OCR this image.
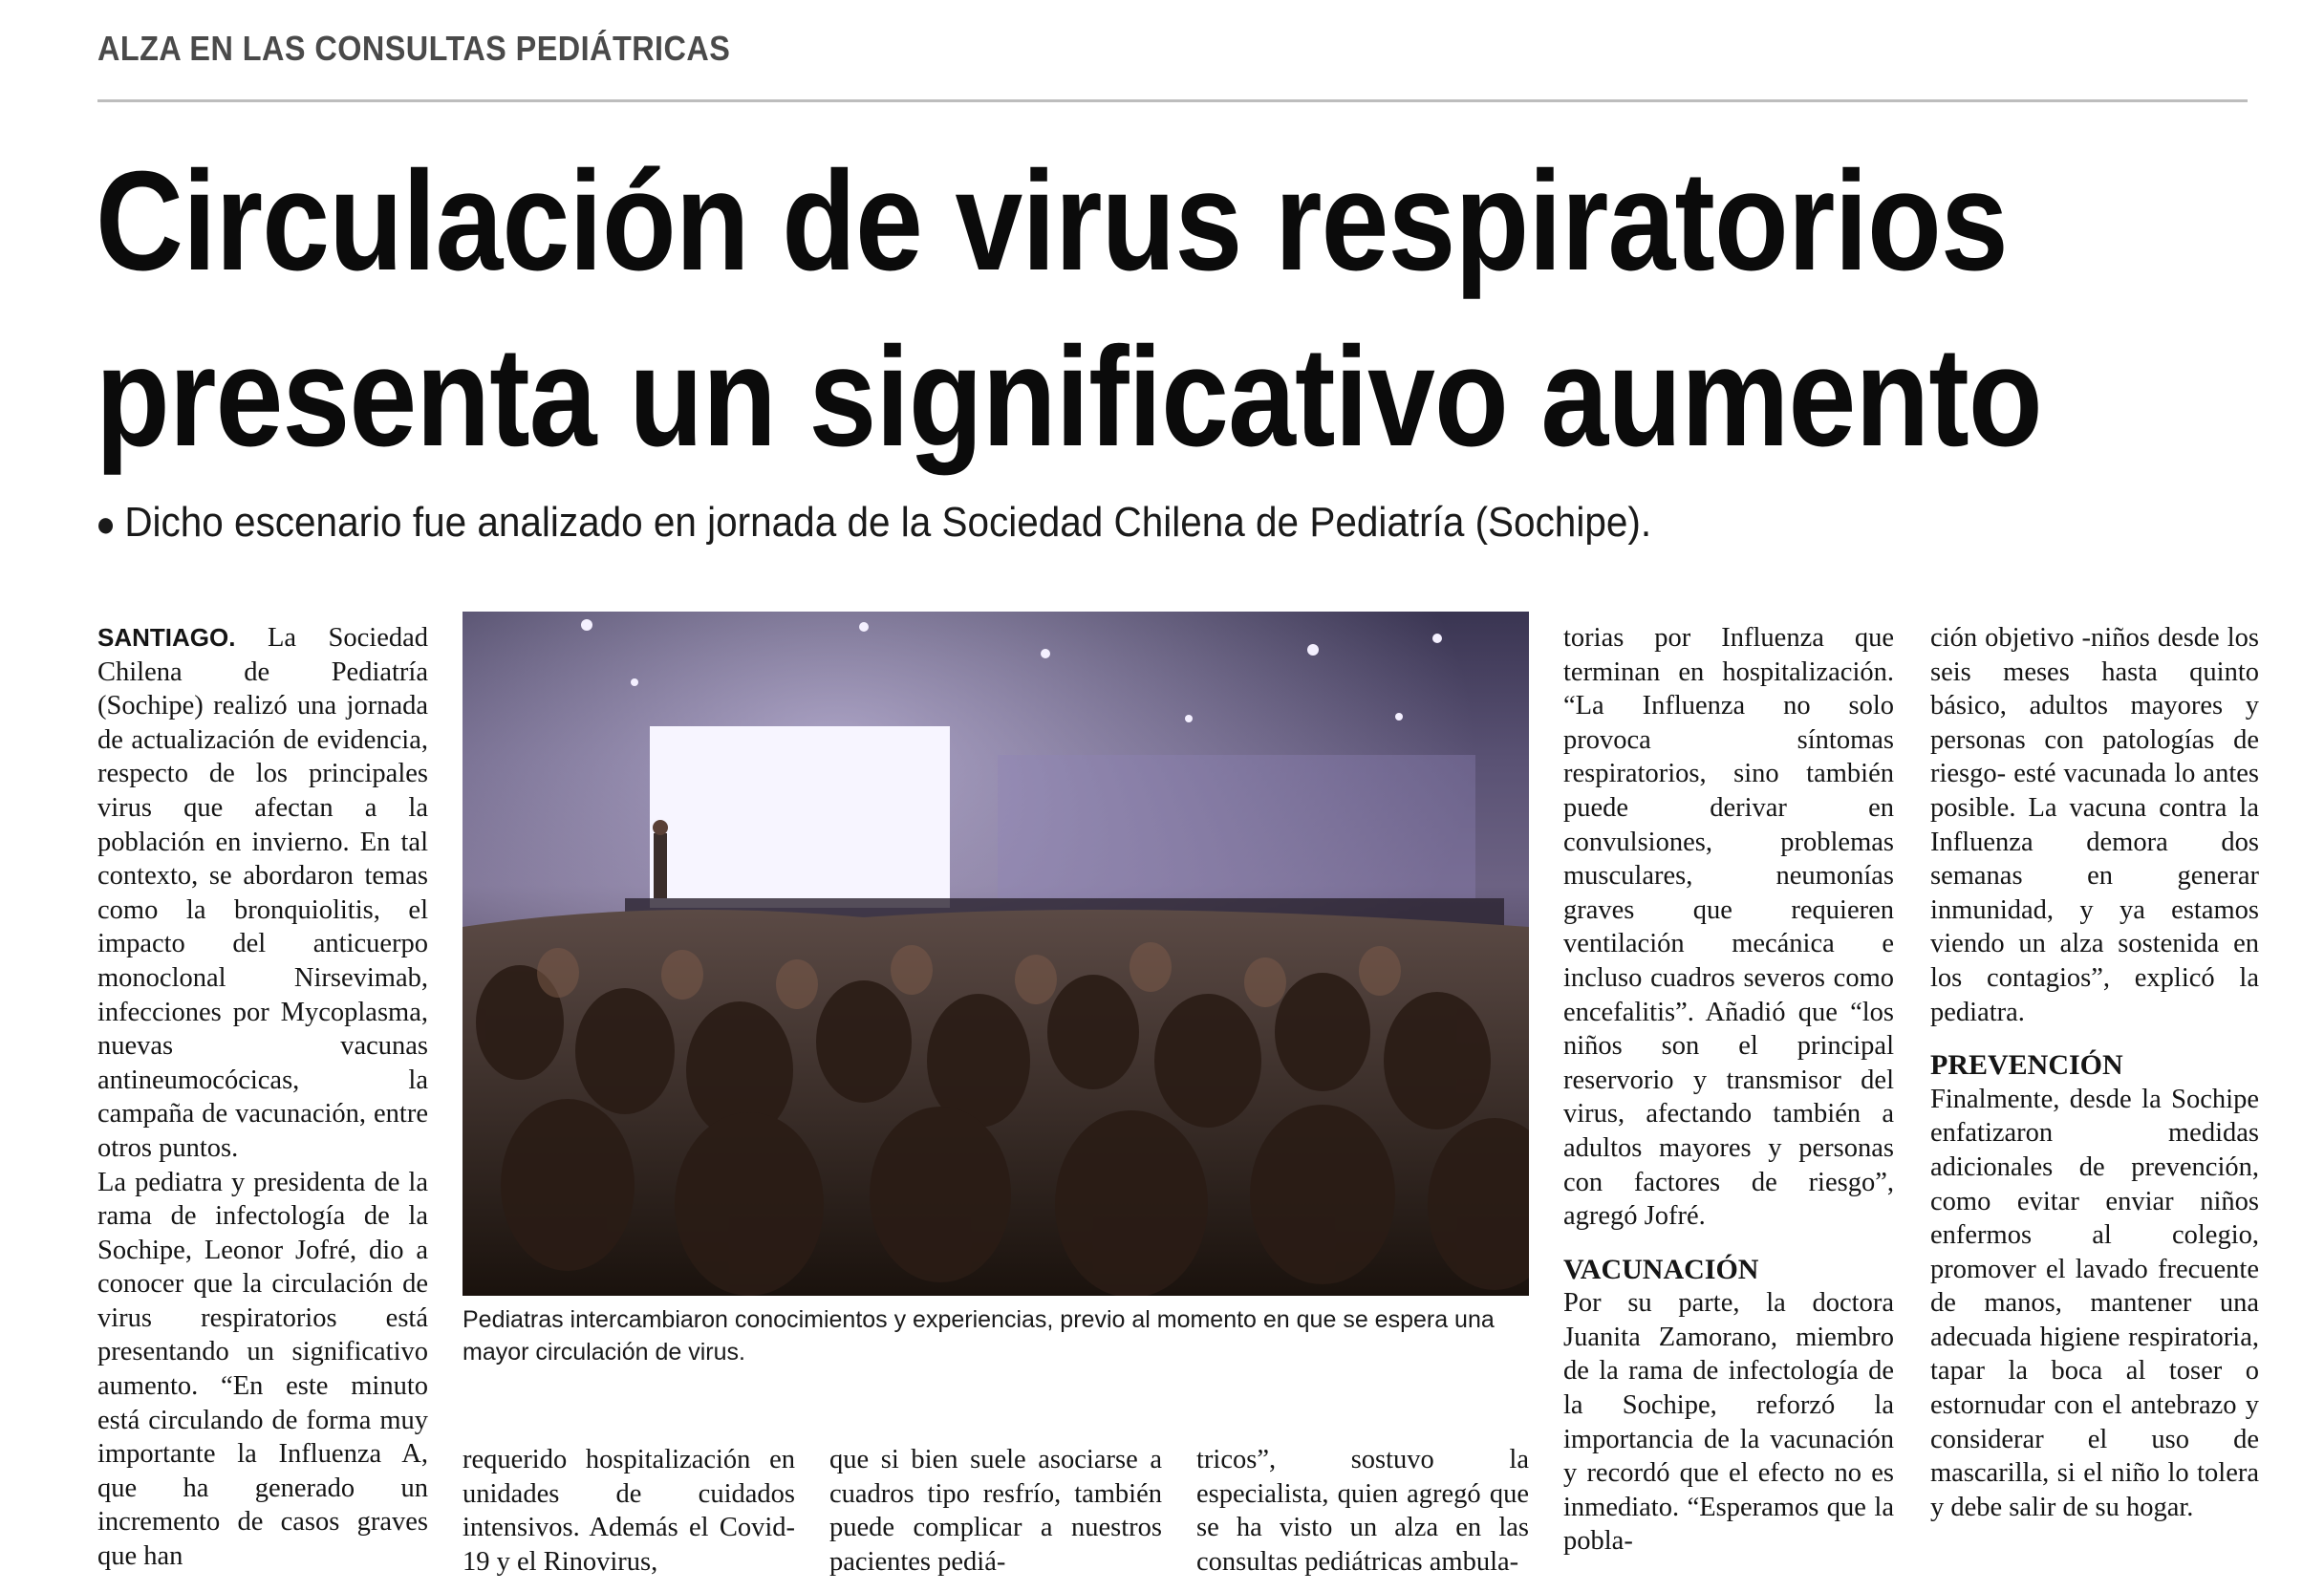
ALZA EN LAS CONSULTAS PEDIÁTRICAS
Circulación de virus respiratorios
presenta un significativo aumento

● Dicho escenario fue analizado en jornada de la Sociedad Chilena de Pediatría (Sochipe).

SANTIAGO. La Sociedad Chilena de Pediatría (Sochipe) realizó una jornada de actualización de evidencia, respecto de los principales virus que afectan a la población en invierno. En tal contexto, se abordaron temas como la bronquiolitis, el impacto del anticuerpo monoclonal Nirsevimab, infecciones por Mycoplasma, nuevas vacunas antineumocócicas, la campaña de vacunación, entre otros puntos.

La pediatra y presidenta de la rama de infectología de la Sochipe, Leonor Jofré, dio a conocer que la circulación de virus respiratorios está presentando un significativo aumento. “En este minuto está circulando de forma muy importante la Influenza A, que ha generado un incremento de casos graves que han

Pediatras intercambiaron conocimientos y experiencias, previo al momento en que se espera una mayor circulación de virus.

requerido hospitalización en unidades de cuidados intensivos. Además el Covid-19 y el Rinovirus,

que si bien suele asociarse a cuadros tipo resfrío, también puede complicar a nuestros pacientes pediá-

tricos”, sostuvo la especialista, quien agregó que se ha visto un alza en las consultas pediátricas ambula-

torias por Influenza que terminan en hospitalización. “La Influenza no solo provoca síntomas respiratorios, sino también puede derivar en convulsiones, problemas musculares, neumonías graves que requieren ventilación mecánica e incluso cuadros severos como encefalitis”. Añadió que “los niños son el principal reservorio y transmisor del virus, afectando también a adultos mayores y personas con factores de riesgo”, agregó Jofré.

VACUNACIÓN

Por su parte, la doctora Juanita Zamorano, miembro de la rama de infectología de la Sochipe, reforzó la importancia de la vacunación y recordó que el efecto no es inmediato. “Esperamos que la pobla-

ción objetivo -niños desde los seis meses hasta quinto básico, adultos mayores y personas con patologías de riesgo- esté vacunada lo antes posible. La vacuna contra la Influenza demora dos semanas en generar inmunidad, y ya estamos viendo un alza sostenida en los contagios”, explicó la pediatra.

PREVENCIÓN

Finalmente, desde la Sochipe enfatizaron medidas adicionales de prevención, como evitar enviar niños enfermos al colegio, promover el lavado frecuente de manos, mantener una adecuada higiene respiratoria, tapar la boca al toser o estornudar con el antebrazo y considerar el uso de mascarilla, si el niño lo tolera y debe salir de su hogar.
